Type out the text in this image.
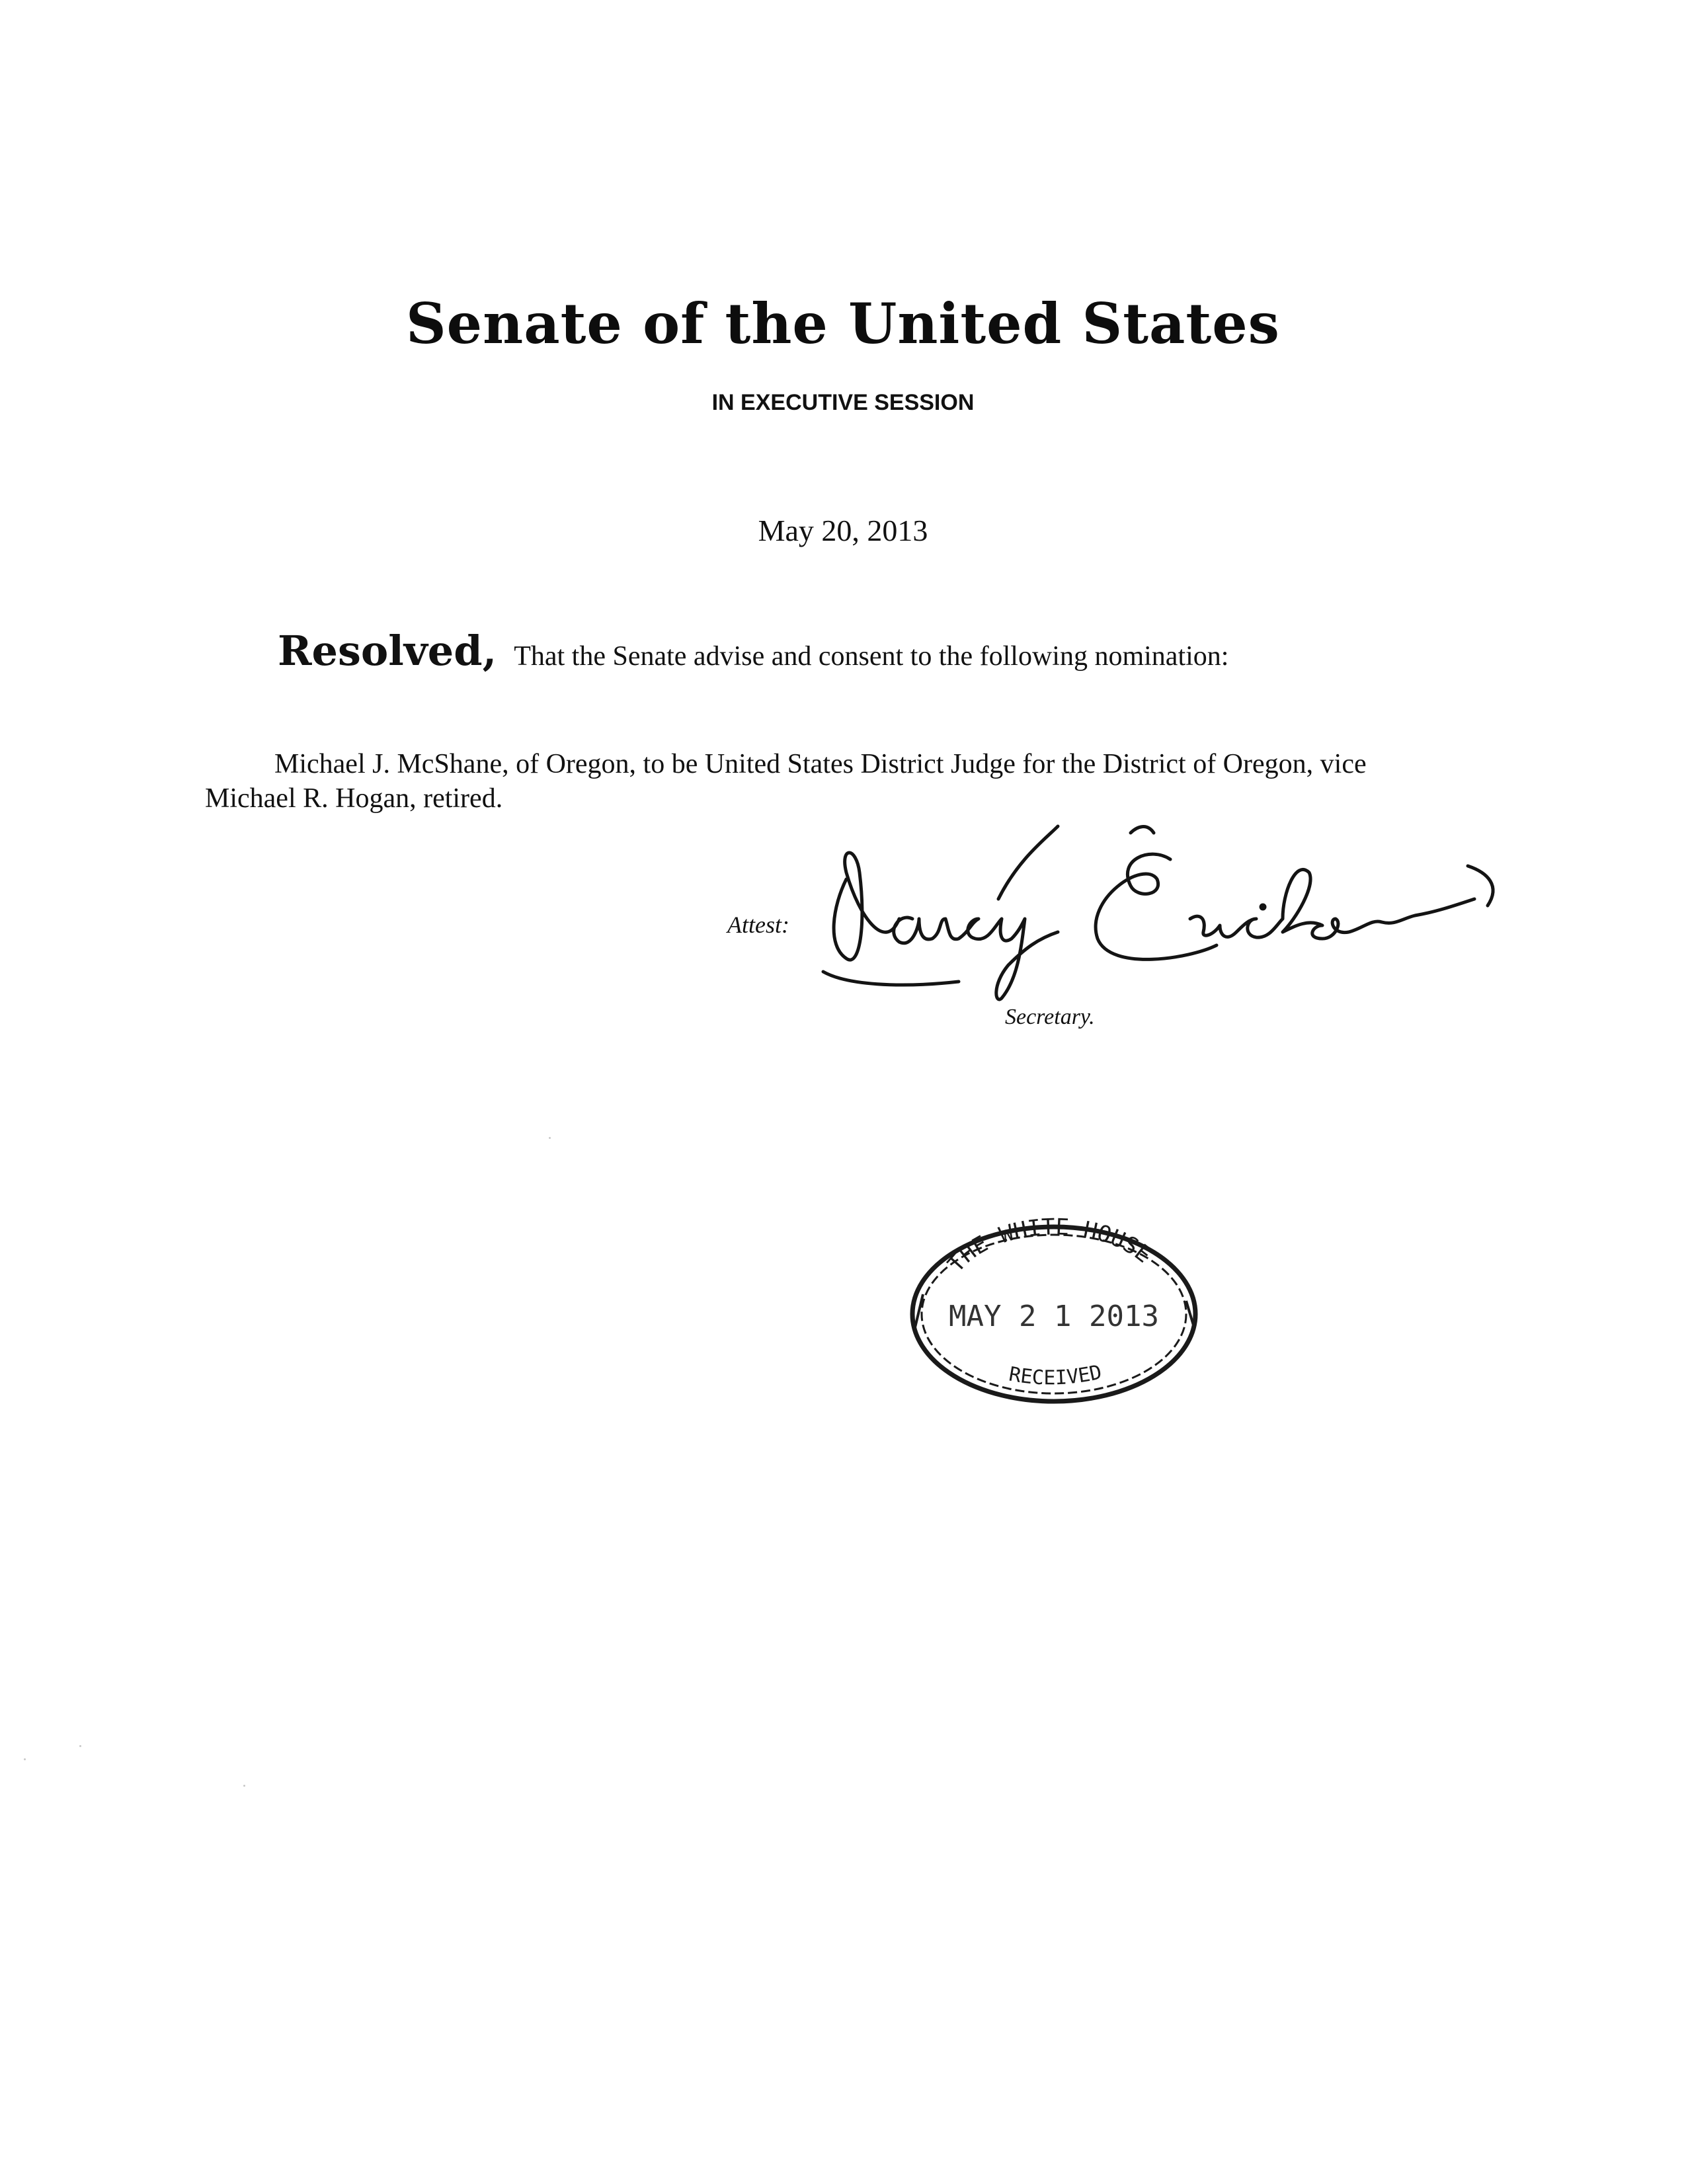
Senate of the United States
IN EXECUTIVE SESSION
May 20, 2013
Resolved, That the Senate advise and consent to the following nomination:

Michael J. McShane, of Oregon, to be United States District Judge for the District of Oregon, vice Michael R. Hogan, retired.

Attest:
Secretary.
THE WHITE HOUSE
MAY 2 1 2013
RECEIVED
